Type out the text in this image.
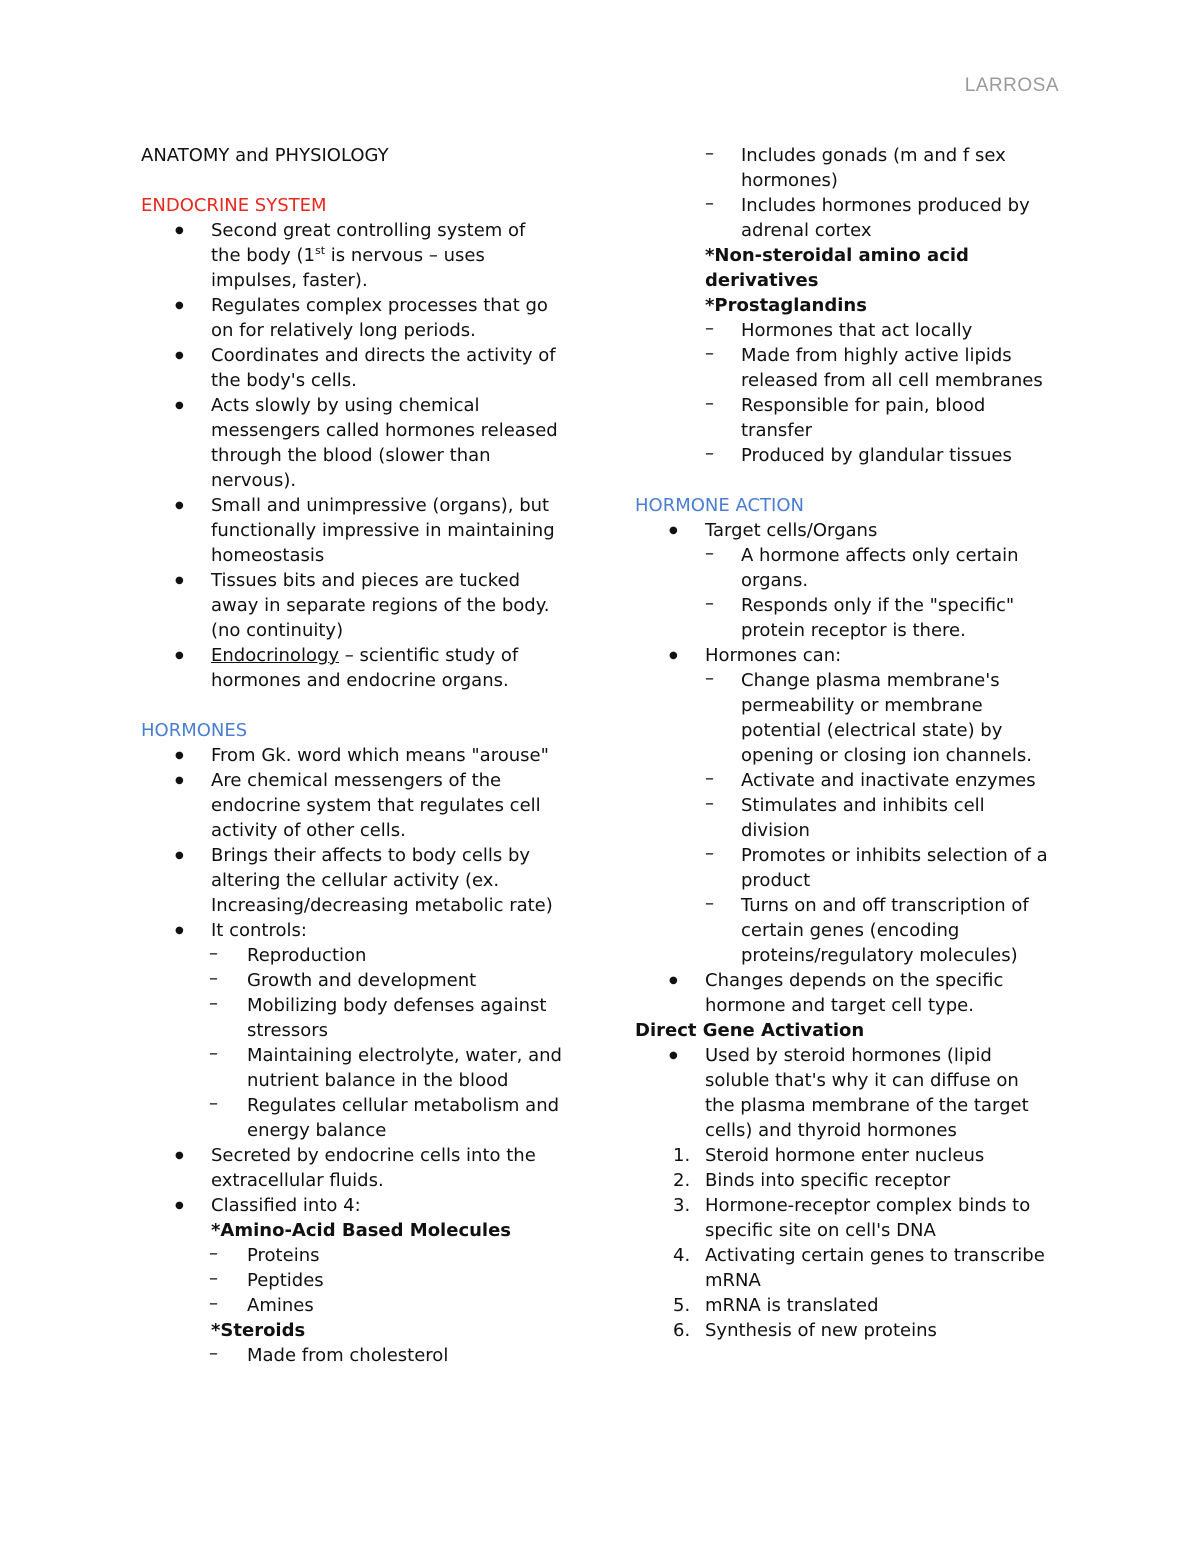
LARROSA
ANATOMY and PHYSIOLOGY
ENDOCRINE SYSTEM
● Second great controlling system of
the body (1st is nervous – uses
impulses, faster).
● Regulates complex processes that go
on for relatively long periods.
● Coordinates and directs the activity of
the body's cells.
● Acts slowly by using chemical
messengers called hormones released
through the blood (slower than
nervous).
● Small and unimpressive (organs), but
functionally impressive in maintaining
homeostasis
● Tissues bits and pieces are tucked
away in separate regions of the body.
(no continuity)
● Endocrinology – scientific study of
hormones and endocrine organs.
HORMONES
● From Gk. word which means "arouse"
● Are chemical messengers of the
endocrine system that regulates cell
activity of other cells.
● Brings their affects to body cells by
altering the cellular activity (ex.
Increasing/decreasing metabolic rate)
● It controls:
– Reproduction
– Growth and development
– Mobilizing body defenses against
stressors
– Maintaining electrolyte, water, and
nutrient balance in the blood
– Regulates cellular metabolism and
energy balance
● Secreted by endocrine cells into the
extracellular fluids.
● Classified into 4:
*Amino-Acid Based Molecules
– Proteins
– Peptides
– Amines
*Steroids
– Made from cholesterol
– Includes gonads (m and f sex
hormones)
– Includes hormones produced by
adrenal cortex
*Non-steroidal amino acid derivatives
*Prostaglandins
– Hormones that act locally
– Made from highly active lipids
released from all cell membranes
– Responsible for pain, blood
transfer
– Produced by glandular tissues
HORMONE ACTION
● Target cells/Organs
– A hormone affects only certain
organs.
– Responds only if the "specific"
protein receptor is there.
● Hormones can:
– Change plasma membrane's
permeability or membrane
potential (electrical state) by
opening or closing ion channels.
– Activate and inactivate enzymes
– Stimulates and inhibits cell
division
– Promotes or inhibits selection of a
product
– Turns on and off transcription of
certain genes (encoding
proteins/regulatory molecules)
● Changes depends on the specific
hormone and target cell type.
Direct Gene Activation
● Used by steroid hormones (lipid
soluble that's why it can diffuse on
the plasma membrane of the target
cells) and thyroid hormones
1. Steroid hormone enter nucleus
2. Binds into specific receptor
3. Hormone-receptor complex binds to
specific site on cell's DNA
4. Activating certain genes to transcribe
mRNA
5. mRNA is translated
6. Synthesis of new proteins
